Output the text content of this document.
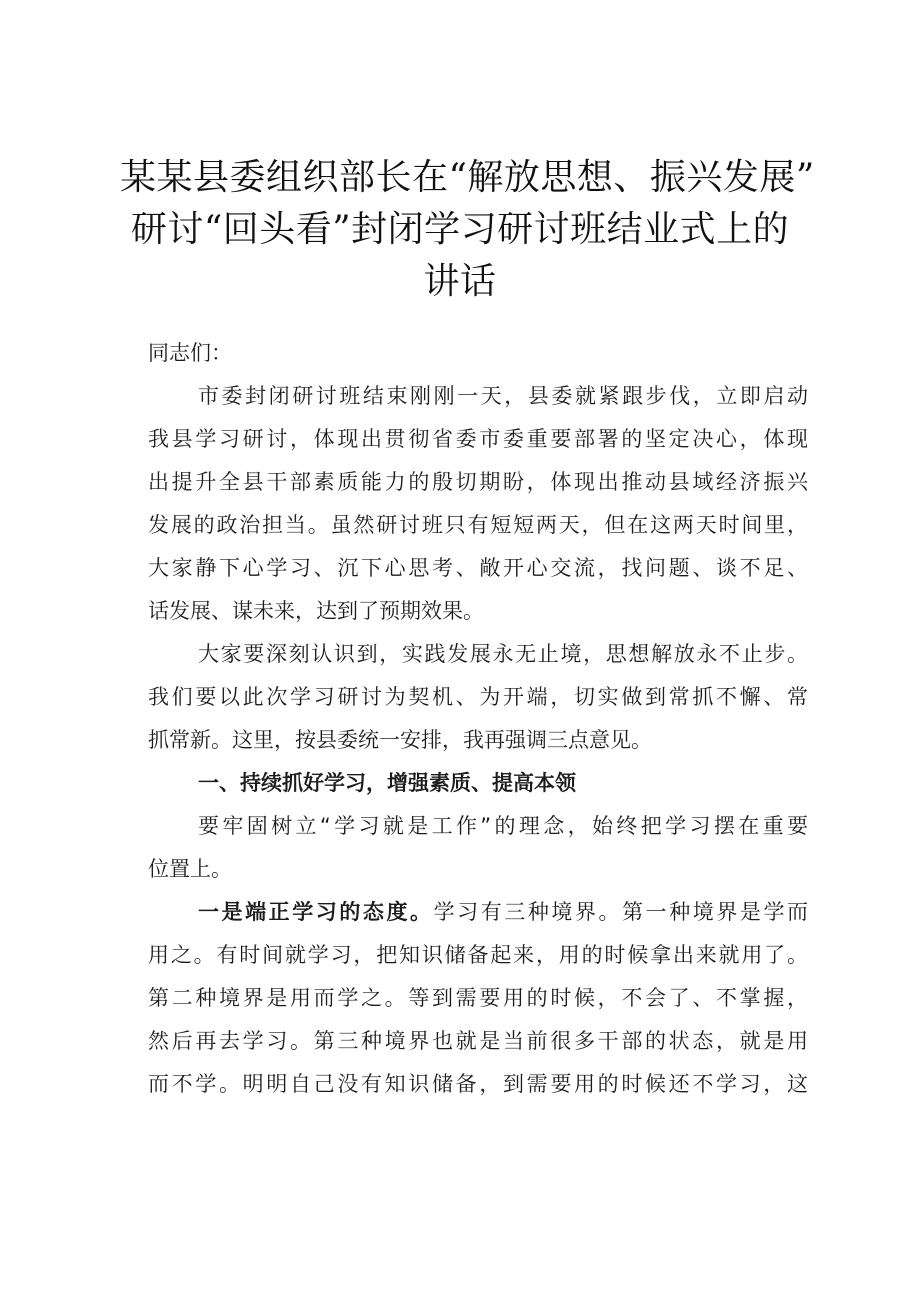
某某县委组织部长在“解放思想、振兴发展”
研讨“回头看”封闭学习研讨班结业式上的
讲话
同志们：
市委封闭研讨班结束刚刚一天，县委就紧跟步伐，立即启动
我县学习研讨，体现出贯彻省委市委重要部署的坚定决心，体现
出提升全县干部素质能力的殷切期盼，体现出推动县域经济振兴
发展的政治担当。虽然研讨班只有短短两天，但在这两天时间里，
大家静下心学习、沉下心思考、敞开心交流，找问题、谈不足、
话发展、谋未来，达到了预期效果。
大家要深刻认识到，实践发展永无止境，思想解放永不止步。
我们要以此次学习研讨为契机、为开端，切实做到常抓不懈、常
抓常新。这里，按县委统一安排，我再强调三点意见。
一、持续抓好学习，增强素质、提高本领
要牢固树立“学习就是工作”的理念，始终把学习摆在重要
位置上。
一是端正学习的态度。学习有三种境界。第一种境界是学而
用之。有时间就学习，把知识储备起来，用的时候拿出来就用了。
第二种境界是用而学之。等到需要用的时候，不会了、不掌握，
然后再去学习。第三种境界也就是当前很多干部的状态，就是用
而不学。明明自己没有知识储备，到需要用的时候还不学习，这
